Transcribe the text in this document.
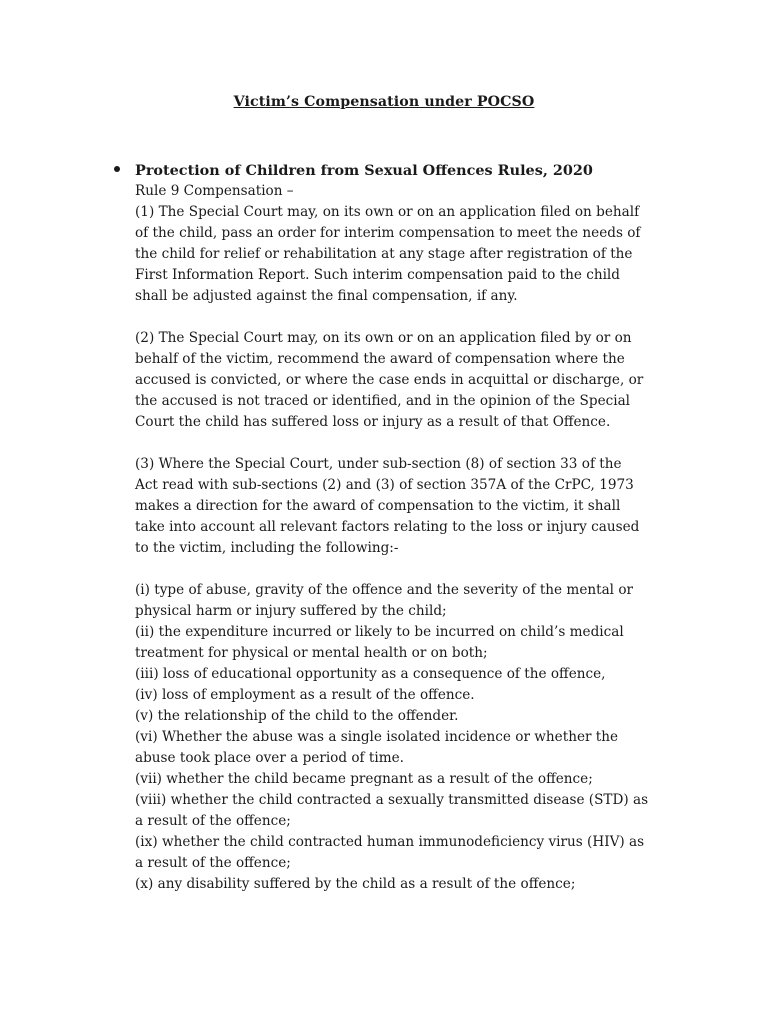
Victim’s Compensation under POCSO
Protection of Children from Sexual Offences Rules, 2020
Rule 9 Compensation –
(1) The Special Court may, on its own or on an application filed on behalf
of the child, pass an order for interim compensation to meet the needs of
the child for relief or rehabilitation at any stage after registration of the
First Information Report. Such interim compensation paid to the child
shall be adjusted against the final compensation, if any.
(2) The Special Court may, on its own or on an application filed by or on
behalf of the victim, recommend the award of compensation where the
accused is convicted, or where the case ends in acquittal or discharge, or
the accused is not traced or identified, and in the opinion of the Special
Court the child has suffered loss or injury as a result of that Offence.
(3) Where the Special Court, under sub-section (8) of section 33 of the
Act read with sub-sections (2) and (3) of section 357A of the CrPC, 1973
makes a direction for the award of compensation to the victim, it shall
take into account all relevant factors relating to the loss or injury caused
to the victim, including the following:-
(i) type of abuse, gravity of the offence and the severity of the mental or
physical harm or injury suffered by the child;
(ii) the expenditure incurred or likely to be incurred on child’s medical
treatment for physical or mental health or on both;
(iii) loss of educational opportunity as a consequence of the offence,
(iv) loss of employment as a result of the offence.
(v) the relationship of the child to the offender.
(vi) Whether the abuse was a single isolated incidence or whether the
abuse took place over a period of time.
(vii) whether the child became pregnant as a result of the offence;
(viii) whether the child contracted a sexually transmitted disease (STD) as
a result of the offence;
(ix) whether the child contracted human immunodeficiency virus (HIV) as
a result of the offence;
(x) any disability suffered by the child as a result of the offence;
